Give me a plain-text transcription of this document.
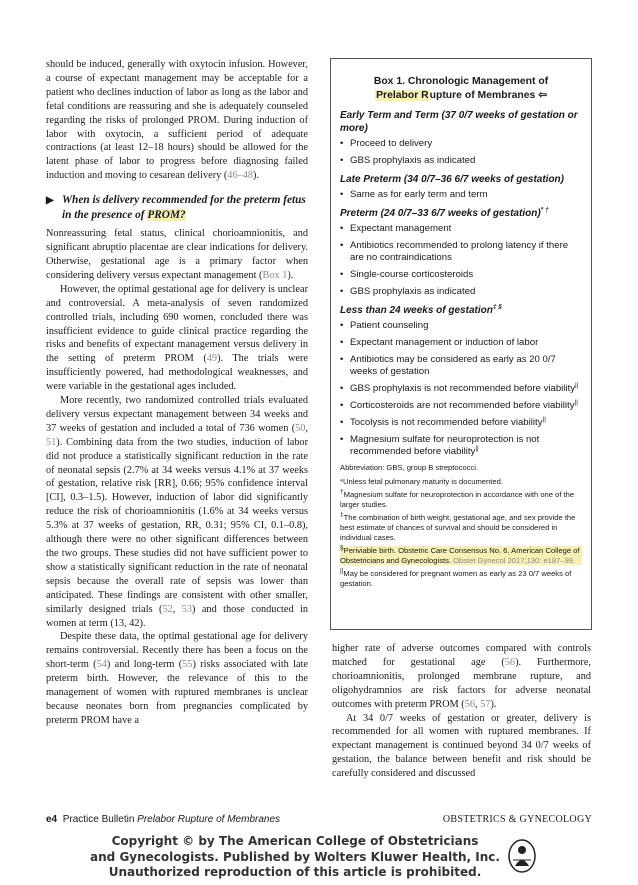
should be induced, generally with oxytocin infusion. However, a course of expectant management may be acceptable for a patient who declines induction of labor as long as the labor and fetal conditions are reassuring and she is adequately counseled regarding the risks of prolonged PROM. During induction of labor with oxytocin, a sufficient period of adequate contractions (at least 12–18 hours) should be allowed for the latent phase of labor to progress before diagnosing failed induction and moving to cesarean delivery (46–48).

▶ When is delivery recommended for the preterm fetus in the presence of PROM?

Nonreassuring fetal status, clinical chorioamnionitis, and significant abruptio placentae are clear indications for delivery. Otherwise, gestational age is a primary factor when considering delivery versus expectant management (Box 1).

However, the optimal gestational age for delivery is unclear and controversial. A meta-analysis of seven randomized controlled trials, including 690 women, concluded there was insufficient evidence to guide clinical practice regarding the risks and benefits of expectant management versus delivery in the setting of preterm PROM (49). The trials were insufficiently powered, had methodological weaknesses, and were variable in the gestational ages included.

More recently, two randomized controlled trials evaluated delivery versus expectant management between 34 weeks and 37 weeks of gestation and included a total of 736 women (50, 51). Combining data from the two studies, induction of labor did not produce a statistically significant reduction in the rate of neonatal sepsis (2.7% at 34 weeks versus 4.1% at 37 weeks of gestation, relative risk [RR], 0.66; 95% confidence interval [CI], 0.3–1.5). However, induction of labor did significantly reduce the risk of chorioamnionitis (1.6% at 34 weeks versus 5.3% at 37 weeks of gestation, RR, 0.31; 95% CI, 0.1–0.8), although there were no other significant differences between the two groups. These studies did not have sufficient power to show a statistically significant reduction in the rate of neonatal sepsis because the overall rate of sepsis was lower than anticipated. These findings are consistent with other smaller, similarly designed trials (52, 53) and those conducted in women at term (13, 42).

Despite these data, the optimal gestational age for delivery remains controversial. Recently there has been a focus on the short-term (54) and long-term (55) risks associated with late preterm birth. However, the relevance of this to the management of women with ruptured membranes is unclear because neonates born from pregnancies complicated by preterm PROM have a

Box 1. Chronologic Management of
Prelabor Rupture of Membranes ⇦
Early Term and Term (37 0/7 weeks of gestation or more)
• Proceed to delivery
• GBS prophylaxis as indicated
Late Preterm (34 0/7–36 6/7 weeks of gestation)
• Same as for early term and term
Preterm (24 0/7–33 6/7 weeks of gestation)* †
• Expectant management
• Antibiotics recommended to prolong latency if there are no contraindications
• Single-course corticosteroids
• GBS prophylaxis as indicated
Less than 24 weeks of gestation‡ §
• Patient counseling
• Expectant management or induction of labor
• Antibiotics may be considered as early as 20 0/7 weeks of gestation
• GBS prophylaxis is not recommended before viability||
• Corticosteroids are not recommended before viability||
• Tocolysis is not recommended before viability||
• Magnesium sulfate for neuroprotection is not recommended before viability||
Abbreviation: GBS, group B streptococci.
*Unless fetal pulmonary maturity is documented.
†Magnesium sulfate for neuroprotection in accordance with one of the larger studies.
‡The combination of birth weight, gestational age, and sex provide the best estimate of chances of survival and should be considered in individual cases.
§Periviable birth. Obstetric Care Consensus No. 6. American College of Obstetricians and Gynecologists. Obstet Gynecol 2017;130: e187–99.
||May be considered for pregnant women as early as 23 0/7 weeks of gestation.

higher rate of adverse outcomes compared with controls matched for gestational age (56). Furthermore, chorioamnionitis, prolonged membrane rupture, and oligohydramnios are risk factors for adverse neonatal outcomes with preterm PROM (56, 57).

At 34 0/7 weeks of gestation or greater, delivery is recommended for all women with ruptured membranes. If expectant management is continued beyond 34 0/7 weeks of gestation, the balance between benefit and risk should be carefully considered and discussed

e4 Practice Bulletin Prelabor Rupture of Membranes	OBSTETRICS & GYNECOLOGY
Copyright © by The American College of Obstetricians
and Gynecologists. Published by Wolters Kluwer Health, Inc.
Unauthorized reproduction of this article is prohibited.
